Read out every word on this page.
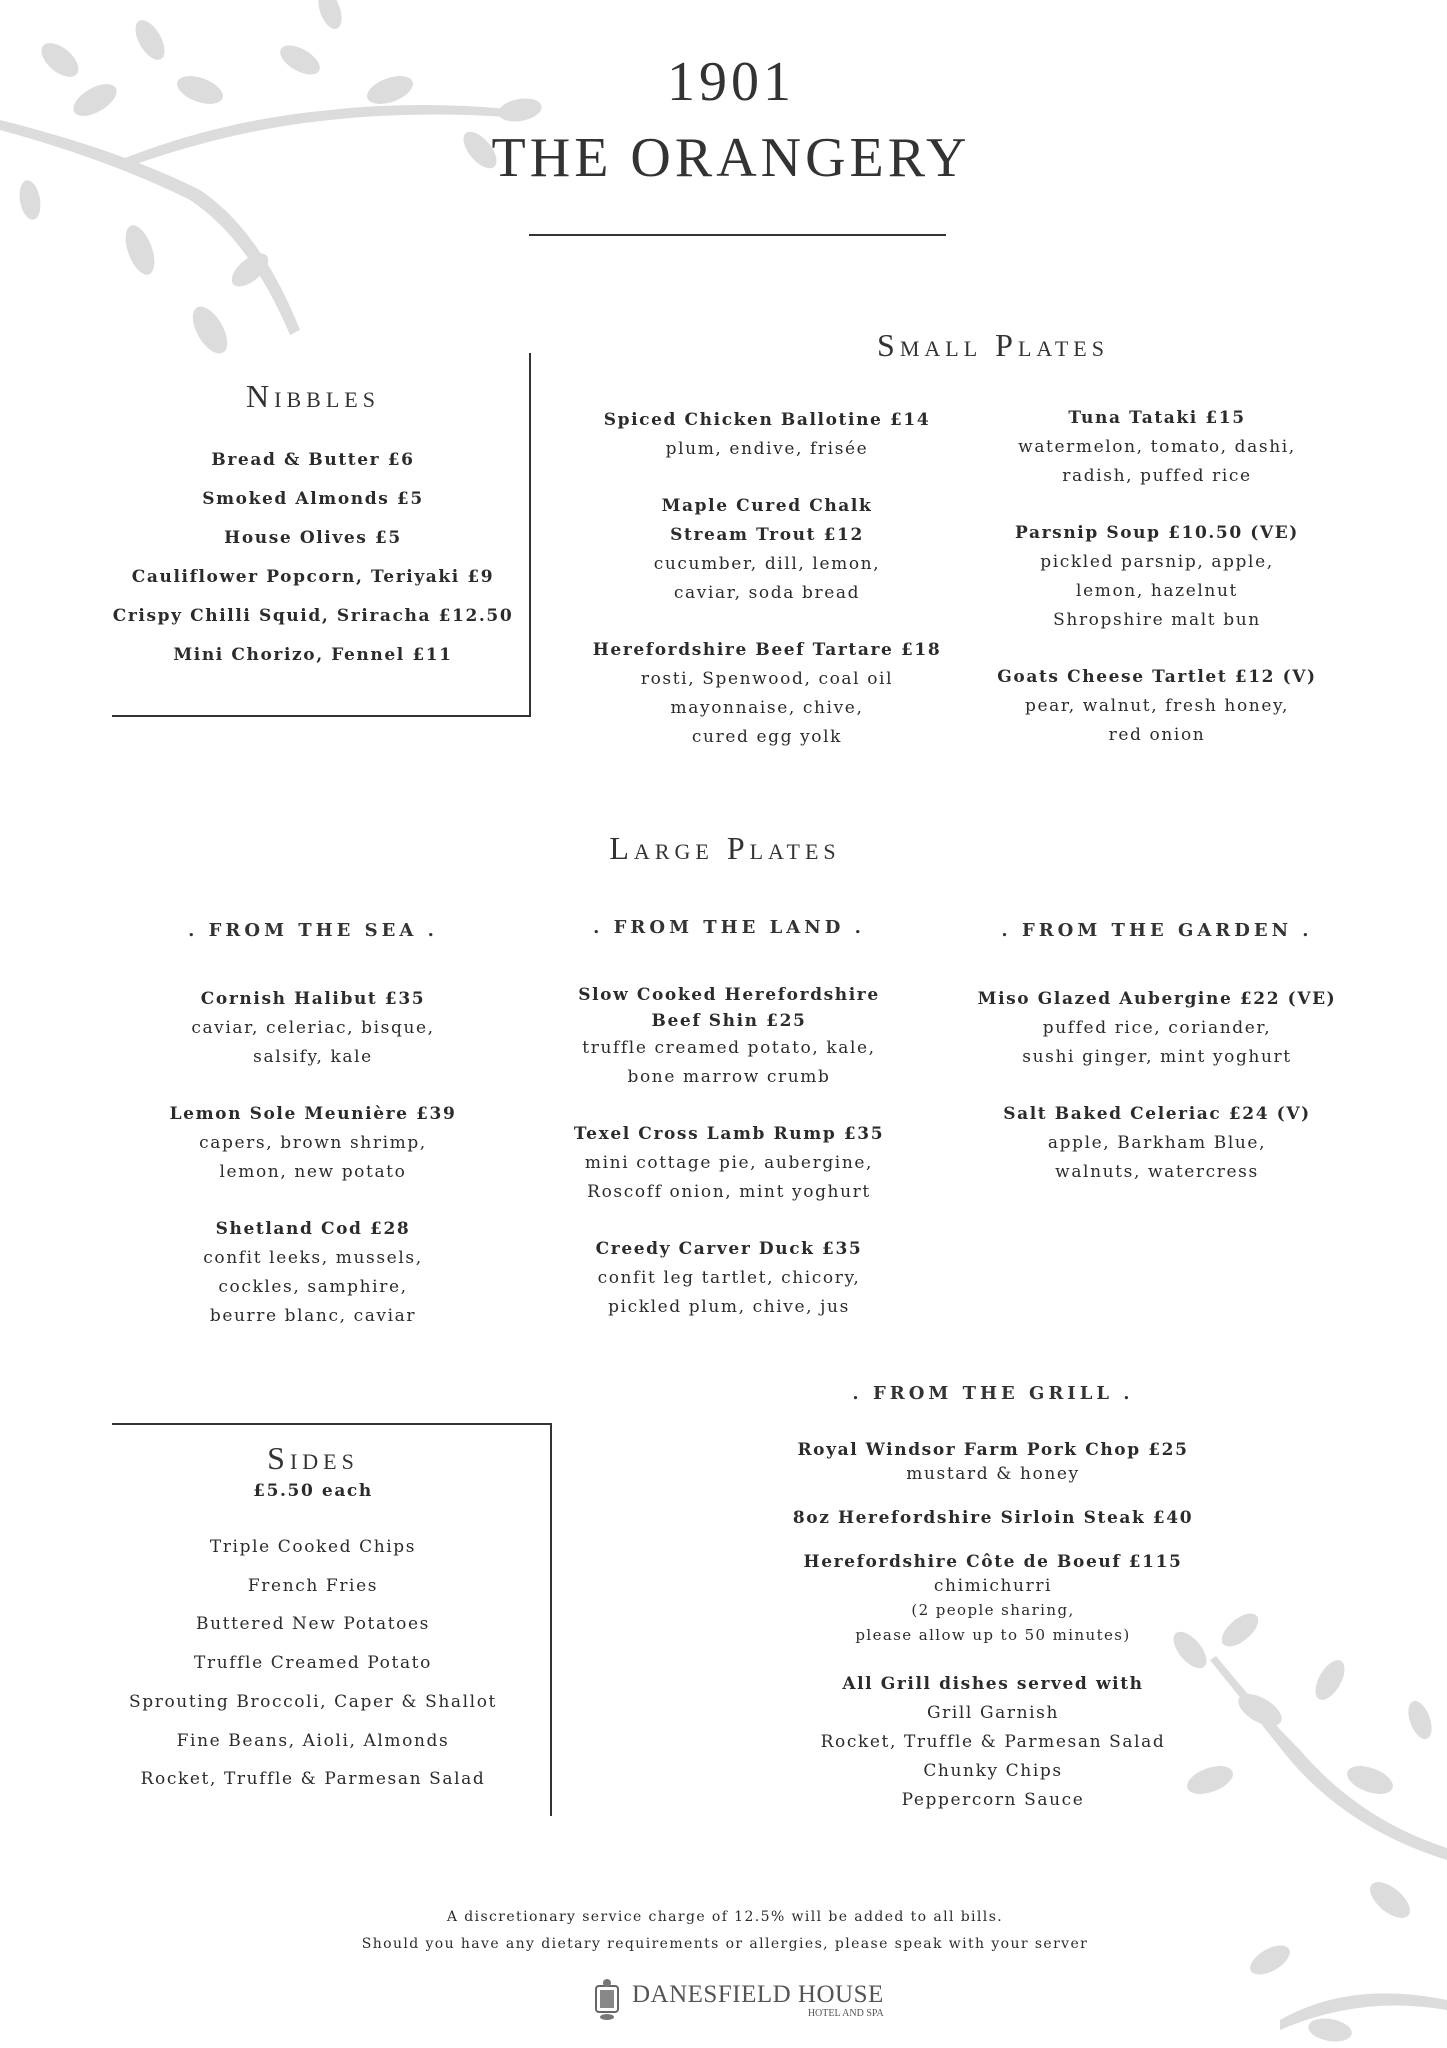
1901
THE ORANGERY
Nibbles
Bread & Butter £6
Smoked Almonds £5
House Olives £5
Cauliflower Popcorn, Teriyaki £9
Crispy Chilli Squid, Sriracha £12.50
Mini Chorizo, Fennel £11
Small Plates
Spiced Chicken Ballotine £14
plum, endive, frisée
Maple Cured Chalk
Stream Trout £12
cucumber, dill, lemon,
caviar, soda bread
Herefordshire Beef Tartare £18
rosti, Spenwood, coal oil
mayonnaise, chive,
cured egg yolk
Tuna Tataki £15
watermelon, tomato, dashi,
radish, puffed rice
Parsnip Soup £10.50 (VE)
pickled parsnip, apple,
lemon, hazelnut
Shropshire malt bun
Goats Cheese Tartlet £12 (V)
pear, walnut, fresh honey,
red onion
Large Plates
. FROM THE SEA .
Cornish Halibut £35
caviar, celeriac, bisque,
salsify, kale
Lemon Sole Meunière £39
capers, brown shrimp,
lemon, new potato
Shetland Cod £28
confit leeks, mussels,
cockles, samphire,
beurre blanc, caviar
. FROM THE LAND .
Slow Cooked Herefordshire
Beef Shin £25
truffle creamed potato, kale,
bone marrow crumb
Texel Cross Lamb Rump £35
mini cottage pie, aubergine,
Roscoff onion, mint yoghurt
Creedy Carver Duck £35
confit leg tartlet, chicory,
pickled plum, chive, jus
. FROM THE GARDEN .
Miso Glazed Aubergine £22 (VE)
puffed rice, coriander,
sushi ginger, mint yoghurt
Salt Baked Celeriac £24 (V)
apple, Barkham Blue,
walnuts, watercress
Sides
£5.50 each
Triple Cooked Chips
French Fries
Buttered New Potatoes
Truffle Creamed Potato
Sprouting Broccoli, Caper & Shallot
Fine Beans, Aioli, Almonds
Rocket, Truffle & Parmesan Salad
. FROM THE GRILL .
Royal Windsor Farm Pork Chop £25
mustard & honey
8oz Herefordshire Sirloin Steak £40
Herefordshire Côte de Boeuf £115
chimichurri
(2 people sharing,
please allow up to 50 minutes)
All Grill dishes served with
Grill Garnish
Rocket, Truffle & Parmesan Salad
Chunky Chips
Peppercorn Sauce
A discretionary service charge of 12.5% will be added to all bills.
Should you have any dietary requirements or allergies, please speak with your server
DANESFIELD HOUSE
HOTEL AND SPA
